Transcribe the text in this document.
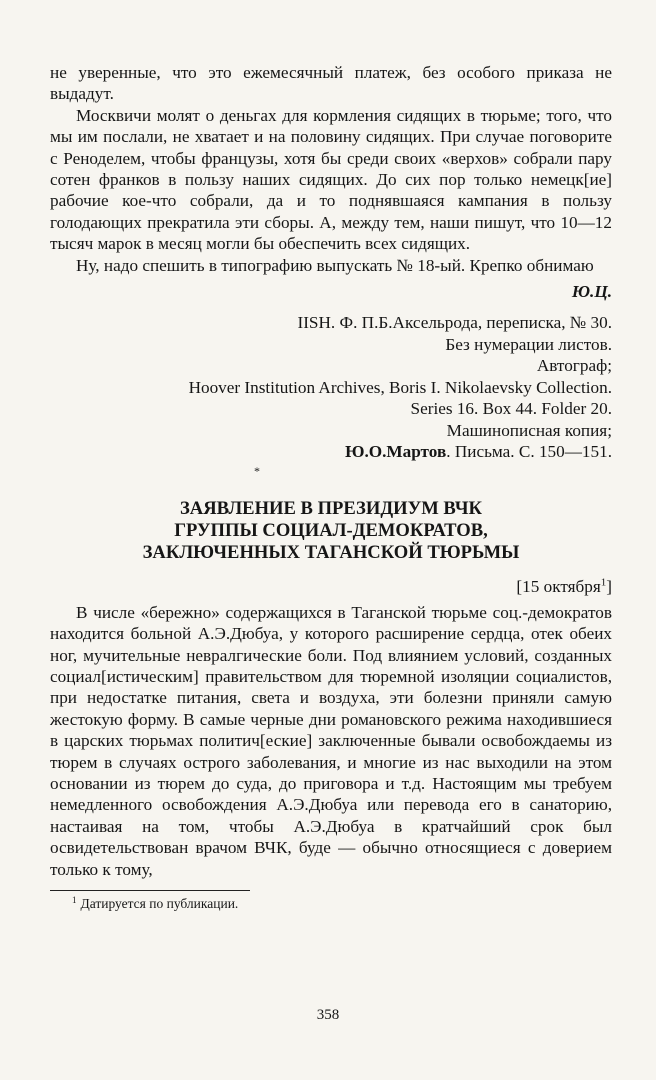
не уверенные, что это ежемесячный платеж, без особого приказа не выдадут.

Москвичи молят о деньгах для кормления сидящих в тюрьме; того, что мы им послали, не хватает и на половину сидящих. При случае поговорите с Реноделем, чтобы французы, хотя бы среди своих «верхов» собрали пару сотен франков в пользу наших сидящих. До сих пор только немецк[ие] рабочие кое-что собрали, да и то поднявшаяся кампания в пользу голодающих прекратила эти сборы. А, между тем, наши пишут, что 10—12 тысяч марок в месяц могли бы обеспечить всех сидящих.

Ну, надо спешить в типографию выпускать № 18-ый. Крепко обнимаю

Ю.Ц.
IISH. Ф. П.Б.Аксельрода, переписка, № 30.
Без нумерации листов.
Автограф;
Hoover Institution Archives, Boris I. Nikolaevsky Collection.
Series 16. Box 44. Folder 20.
Машинописная копия;
Ю.О.Мартов. Письма. С. 150—151.
*
ЗАЯВЛЕНИЕ В ПРЕЗИДИУМ ВЧК
ГРУППЫ СОЦИАЛ-ДЕМОКРАТОВ,
ЗАКЛЮЧЕННЫХ ТАГАНСКОЙ ТЮРЬМЫ
[15 октября$^1$]

В числе «бережно» содержащихся в Таганской тюрьме соц.-демократов находится больной А.Э.Дюбуа, у которого расширение сердца, отек обеих ног, мучительные невралгические боли. Под влиянием условий, созданных социал[истическим] правительством для тюремной изоляции социалистов, при недостатке питания, света и воздуха, эти болезни приняли самую жестокую форму. В самые черные дни романовского режима находившиеся в царских тюрьмах политич[еские] заключенные бывали освобождаемы из тюрем в случаях острого заболевания, и многие из нас выходили на этом основании из тюрем до суда, до приговора и т.д. Настоящим мы требуем немедленного освобождения А.Э.Дюбуа или перевода его в санаторию, настаивая на том, чтобы А.Э.Дюбуа в кратчайший срок был освидетельствован врачом ВЧК, буде — обычно относящиеся с доверием только к тому,

$^1$ Датируется по публикации.
358
